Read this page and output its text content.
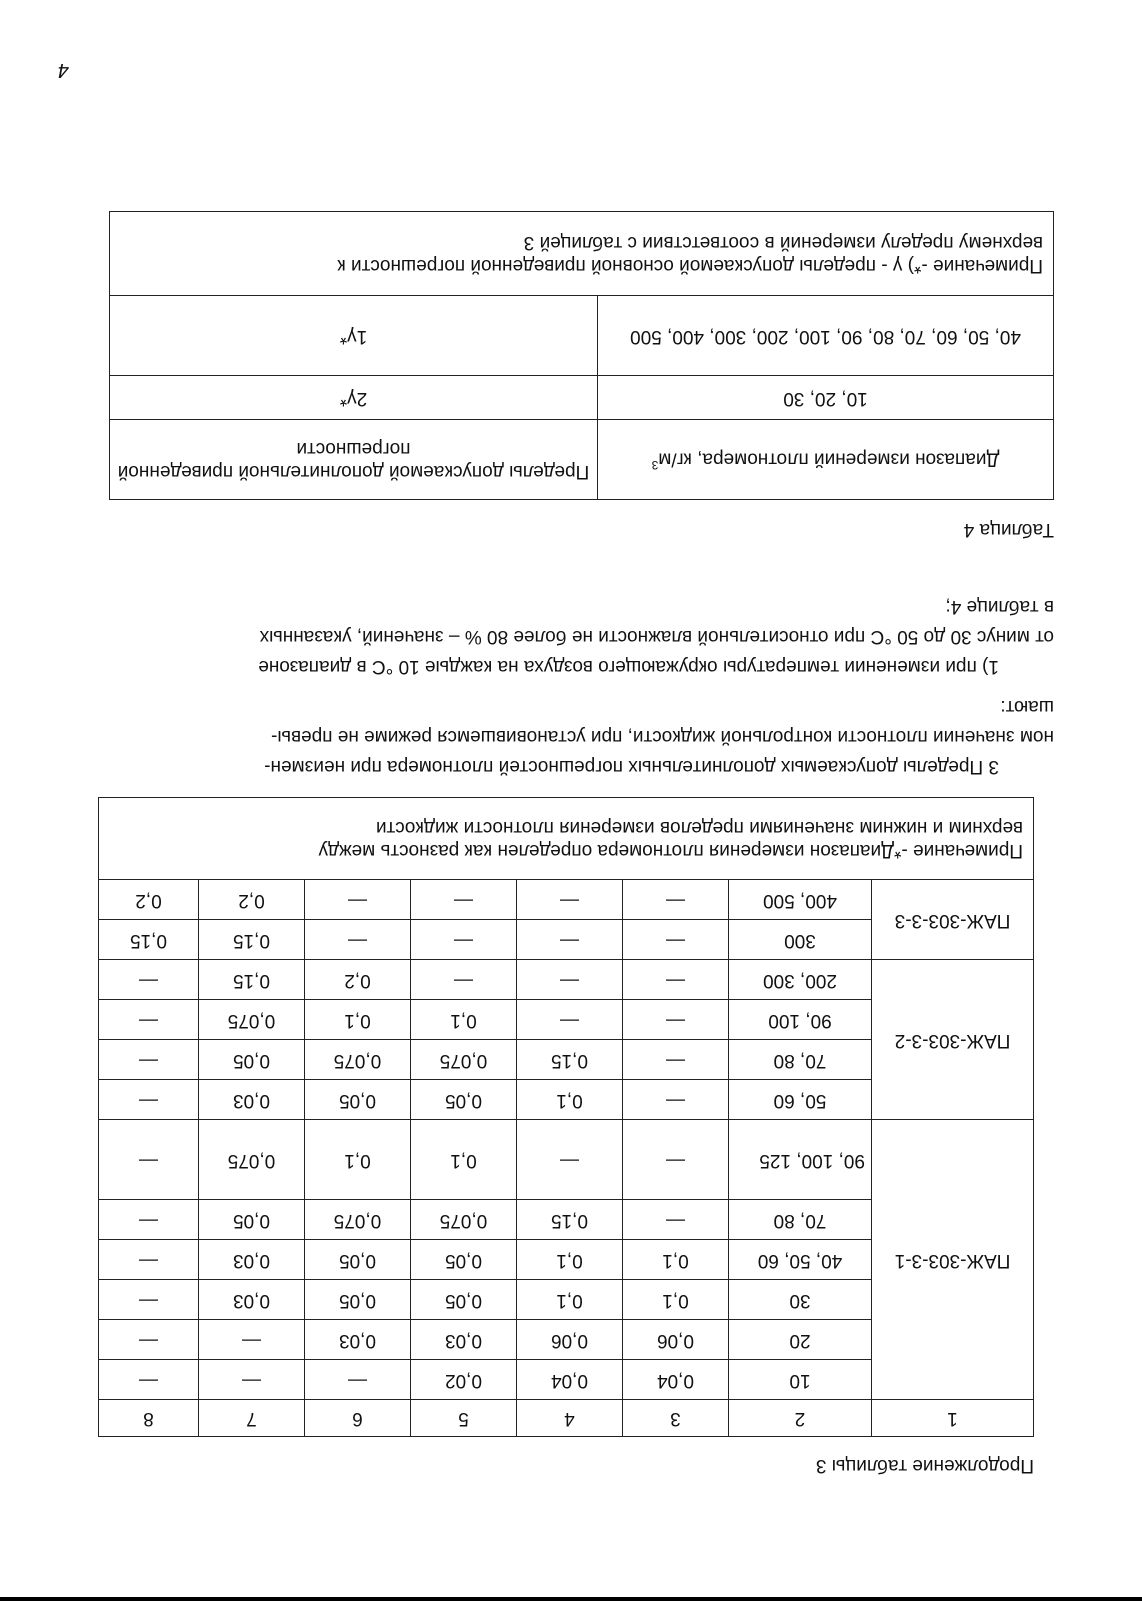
Продолжение таблицы 3
1	2	3	4	5	6	7	8
ПАЖ-303-3-1	10	0,04	0,04	0,02	—	—	—
	20	0,06	0,06	0,03	0,03	—	—
	30	0,1	0,1	0,05	0,05	0,03	—
	40, 50, 60	0,1	0,1	0,05	0,05	0,03	—
	70, 80	—	0,15	0,075	0,075	0,05	—
	90, 100, 125	—	—	0,1	0,1	0,075	—
ПАЖ-303-3-2	50, 60	—	0,1	0,05	0,05	0,03	—
	70, 80	—	0,15	0,075	0,075	0,05	—
	90, 100	—	—	0,1	0,1	0,075	—
	200, 300	—	—	—	0,2	0,15	—
ПАЖ-303-3-3	300	—	—	—	—	0,15	0,15
	400, 500	—	—	—	—	0,2	0,2

Примечание -*Диапазон измерения плотномера определен как разность между
верхним и нижним значениями пределов измерения плотности жидкости							
3 Пределы допускаемых дополнительных погрешностей плотномера при неизмен-
ном значении плотности контрольной жидкости, при установившемся режиме не превы-
шают:
1) при изменении температуры окружающего воздуха на каждые 10 °С в диапазоне
от минус 30 до 50 °С при относительной влажности не более 80 % – значений, указанных
в таблице 4;
Таблица 4
Диапазон измерений плотномера, $кг/м^3$	Пределы допускаемой дополнительной приведенной погрешности
10, 20, 30	2γ*
40, 50, 60, 70, 80, 90, 100, 200, 300, 400, 500	1γ*

Примечание -*) γ - пределы допускаемой основной приведенной погрешности к
верхнему пределу измерений в соответствии с таблицей 3	
4
